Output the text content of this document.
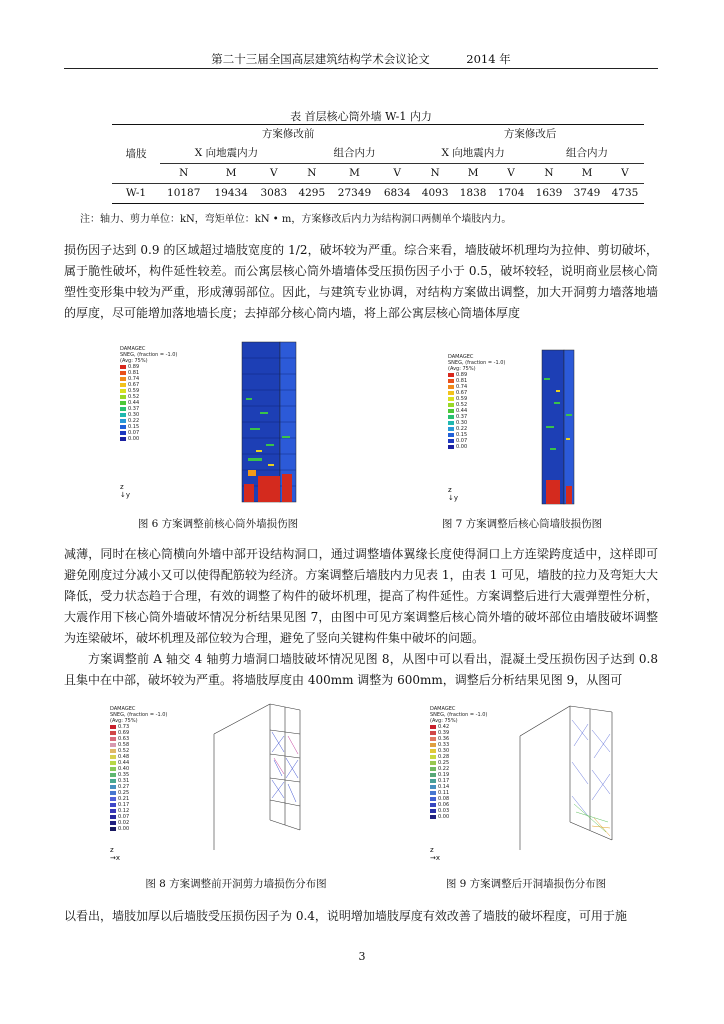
第二十三届全国高层建筑结构学术会议论文          2014 年
表 首层核心筒外墙 W-1 内力
墙肢	方案修改前						方案修改后					
	X 向地震内力			组合内力			X 向地震内力			组合内力		
	N	M	V	N	M	V	N	M	V	N	M	V
W-1	10187	19434	3083	4295	27349	6834	4093	1838	1704	1639	3749	4735
注：轴力、剪力单位：kN，弯矩单位：kN • m，方案修改后内力为结构洞口两侧单个墙肢内力。

损伤因子达到 0.9 的区域超过墙肢宽度的 1/2，破坏较为严重。综合来看，墙肢破坏机理均为拉伸、剪切破坏，属于脆性破坏，构件延性较差。而公寓层核心筒外墙墙体受压损伤因子小于 0.5，破坏较轻，说明商业层核心筒塑性变形集中较为严重，形成薄弱部位。因此，与建筑专业协调，对结构方案做出调整，加大开洞剪力墙落地墙的厚度，尽可能增加落地墙长度；去掉部分核心筒内墙，将上部公寓层核心筒墙体厚度

DAMAGEC
SNEG, (fraction = -1.0)
(Avg: 75%)
0.89
0.81
0.74
0.67
0.59
0.52
0.44
0.37
0.30
0.22
0.15
0.07
0.00
z
↓y
图 6 方案调整前核心筒外墙损伤图
DAMAGEC
SNEG, (fraction = -1.0)
(Avg: 75%)
0.89
0.81
0.74
0.67
0.59
0.52
0.44
0.37
0.30
0.22
0.15
0.07
0.00
z
↓y
图 7 方案调整后核心筒墙肢损伤图

减薄，同时在核心筒横向外墙中部开设结构洞口，通过调整墙体翼缘长度使得洞口上方连梁跨度适中，这样即可避免刚度过分减小又可以使得配筋较为经济。方案调整后墙肢内力见表 1，由表 1 可见，墙肢的拉力及弯矩大大降低，受力状态趋于合理，有效的调整了构件的破坏机理，提高了构件延性。方案调整后进行大震弹塑性分析，大震作用下核心筒外墙破坏情况分析结果见图 7，由图中可见方案调整后核心筒外墙的破坏部位由墙肢破坏调整为连梁破坏，破坏机理及部位较为合理，避免了竖向关键构件集中破坏的问题。

方案调整前 A 轴交 4 轴剪力墙洞口墙肢破坏情况见图 8，从图中可以看出，混凝土受压损伤因子达到 0.8 且集中在中部，破坏较为严重。将墙肢厚度由 400mm 调整为 600mm，调整后分析结果见图 9，从图可

DAMAGEC
SNEG, (fraction = -1.0)
(Avg: 75%)
0.73
0.69
0.63
0.58
0.52
0.48
0.44
0.40
0.35
0.31
0.27
0.25
0.21
0.17
0.12
0.07
0.02
0.00
z
→x
图 8 方案调整前开洞剪力墙损伤分布图
DAMAGEC
SNEG, (fraction = -1.0)
(Avg: 75%)
0.42
0.39
0.36
0.33
0.30
0.28
0.25
0.22
0.19
0.17
0.14
0.11
0.08
0.06
0.03
0.00
z
→x
图 9 方案调整后开洞墙损伤分布图

以看出，墙肢加厚以后墙肢受压损伤因子为 0.4，说明增加墙肢厚度有效改善了墙肢的破坏程度，可用于施

3
